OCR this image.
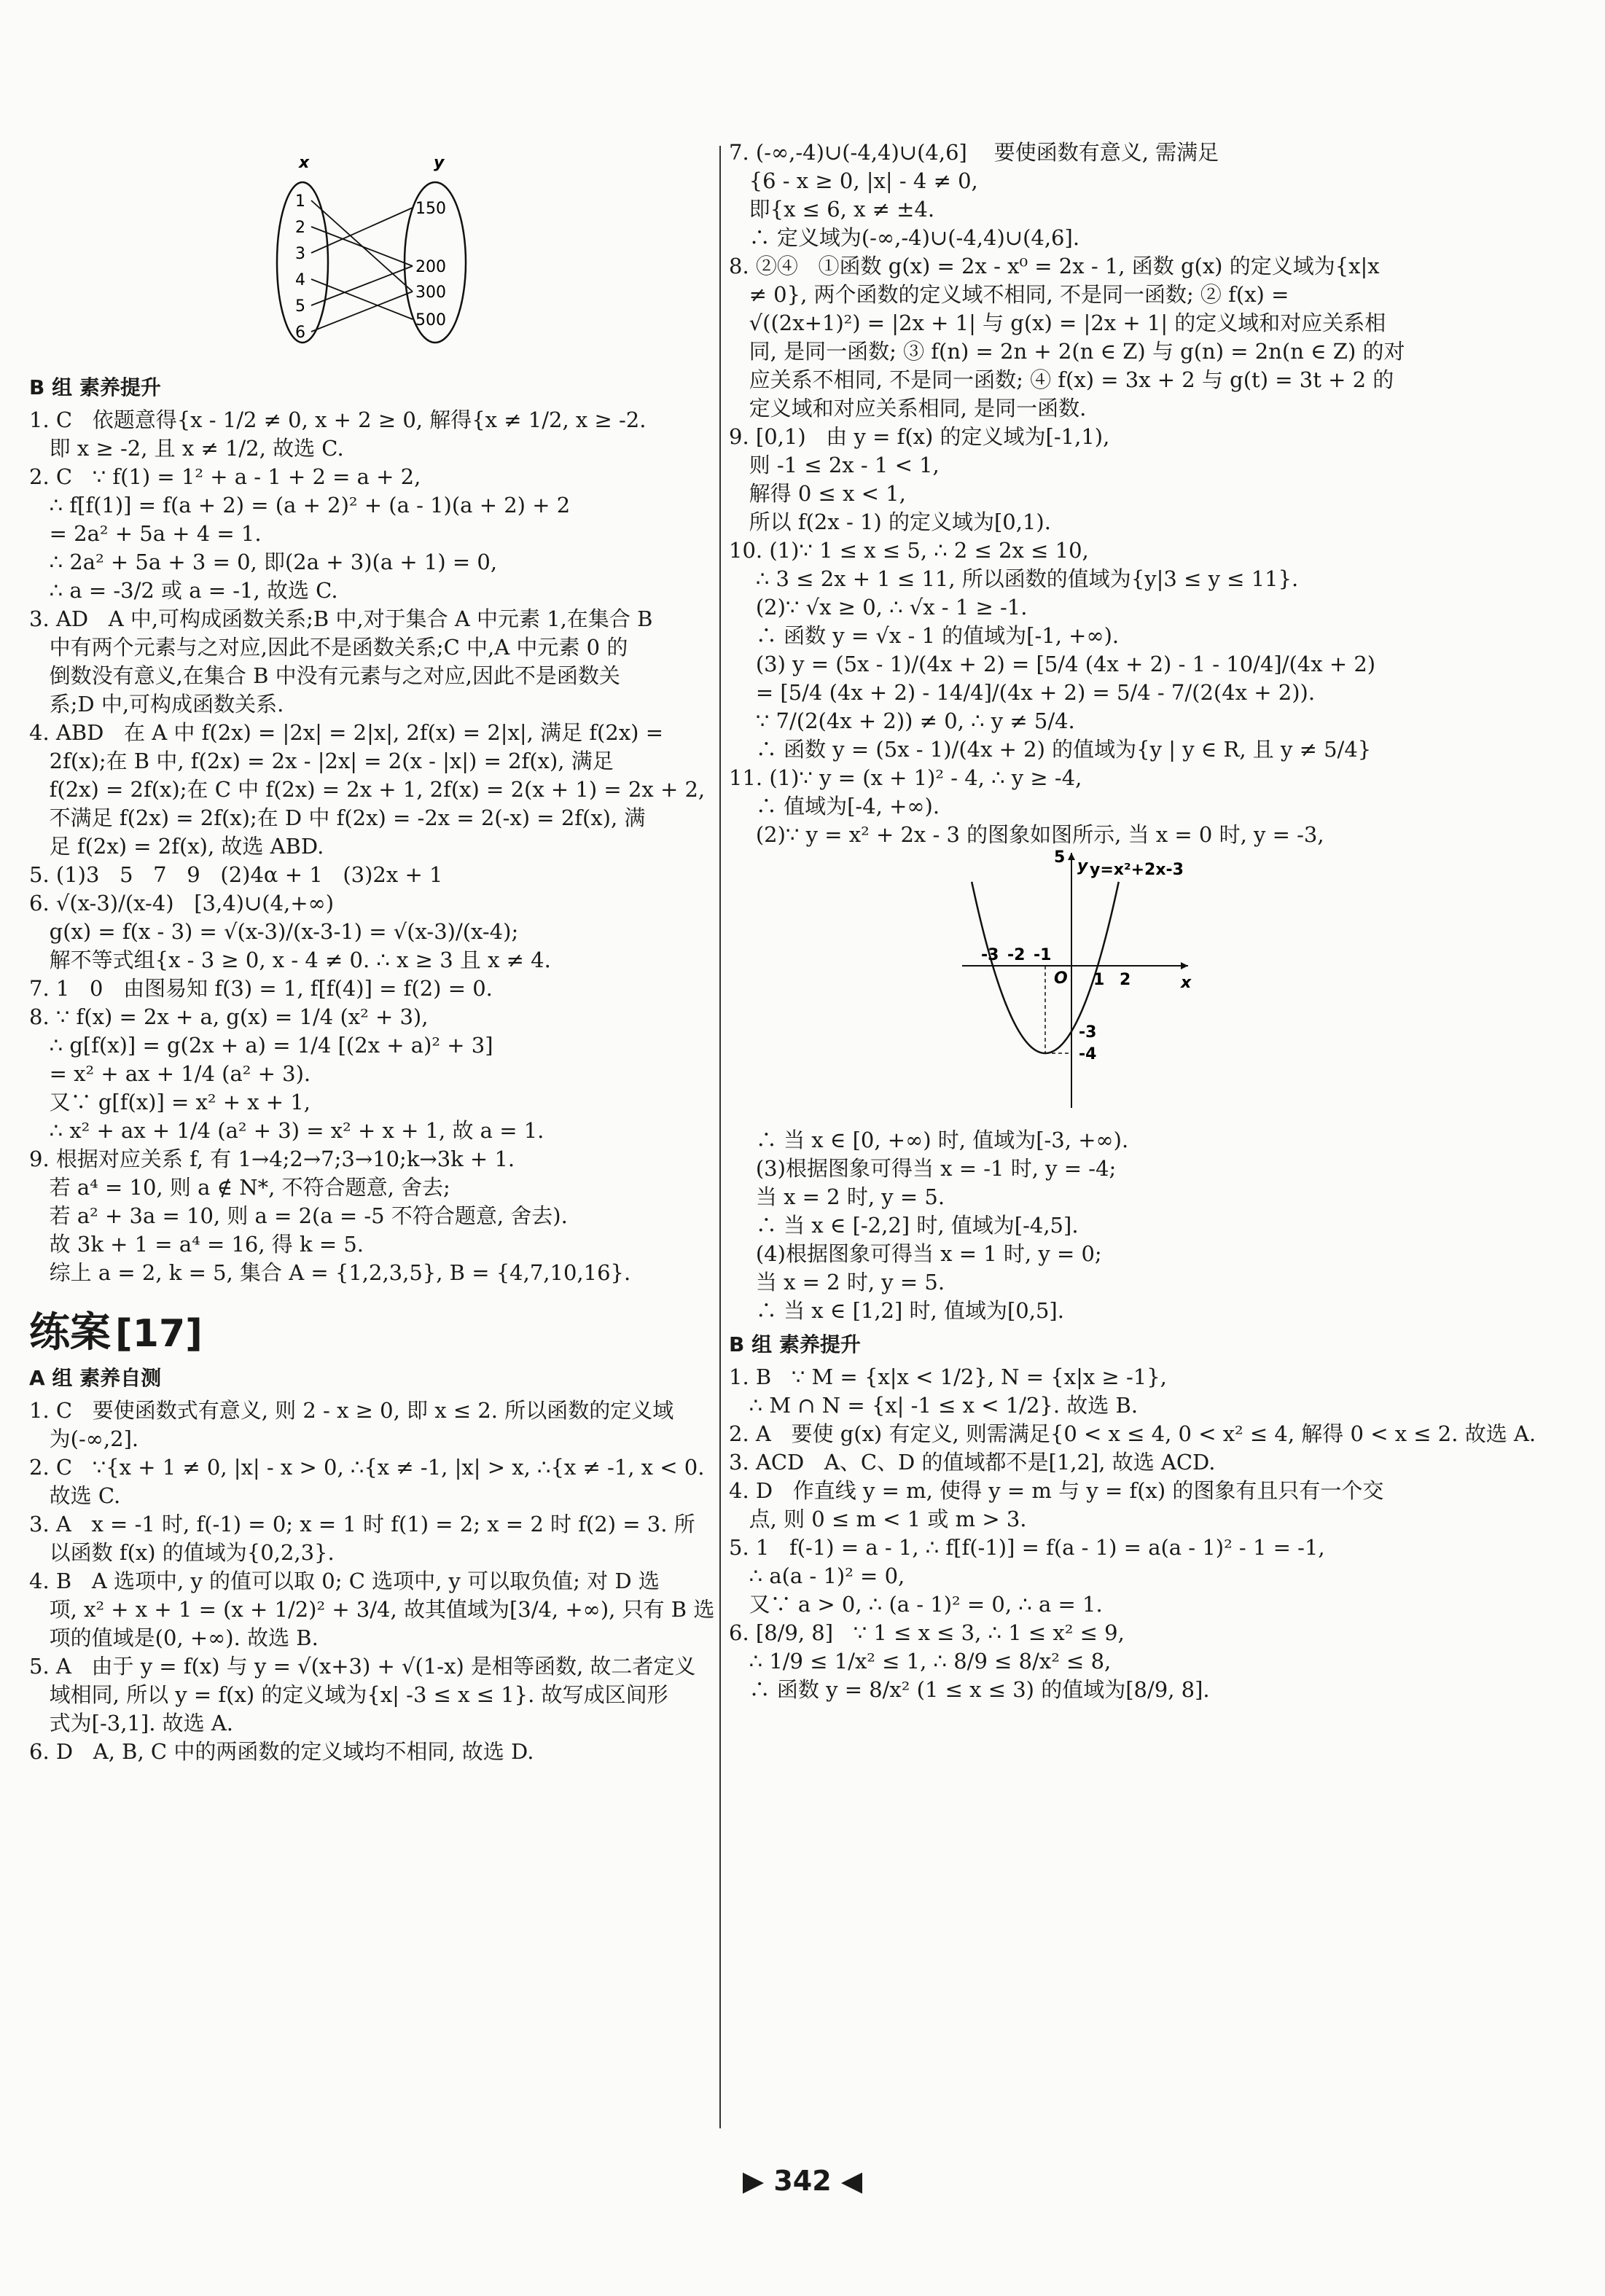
x	y
1
2
3
4
5
6
150
200
300
500
B 组 素养提升

1. C   依题意得{x - 1/2 ≠ 0, x + 2 ≥ 0, 解得{x ≠ 1/2, x ≥ -2.

即 x ≥ -2, 且 x ≠ 1/2, 故选 C.

2. C   ∵ f(1) = 1² + a - 1 + 2 = a + 2,

∴ f[f(1)] = f(a + 2) = (a + 2)² + (a - 1)(a + 2) + 2

= 2a² + 5a + 4 = 1.

∴ 2a² + 5a + 3 = 0, 即(2a + 3)(a + 1) = 0,

∴ a = -3/2 或 a = -1, 故选 C.

3. AD   A 中,可构成函数关系;B 中,对于集合 A 中元素 1,在集合 B

中有两个元素与之对应,因此不是函数关系;C 中,A 中元素 0 的

倒数没有意义,在集合 B 中没有元素与之对应,因此不是函数关

系;D 中,可构成函数关系.

4. ABD   在 A 中 f(2x) = |2x| = 2|x|, 2f(x) = 2|x|, 满足 f(2x) =

2f(x);在 B 中, f(2x) = 2x - |2x| = 2(x - |x|) = 2f(x), 满足

f(2x) = 2f(x);在 C 中 f(2x) = 2x + 1, 2f(x) = 2(x + 1) = 2x + 2,

不满足 f(2x) = 2f(x);在 D 中 f(2x) = -2x = 2(-x) = 2f(x), 满

足 f(2x) = 2f(x), 故选 ABD.

5. (1)3   5   7   9   (2)4α + 1   (3)2x + 1

6. √(x-3)/(x-4)   [3,4)∪(4,+∞)

g(x) = f(x - 3) = √(x-3)/(x-3-1) = √(x-3)/(x-4);

解不等式组{x - 3 ≥ 0, x - 4 ≠ 0. ∴ x ≥ 3 且 x ≠ 4.

7. 1   0   由图易知 f(3) = 1, f[f(4)] = f(2) = 0.

8. ∵ f(x) = 2x + a, g(x) = 1/4 (x² + 3),

∴ g[f(x)] = g(2x + a) = 1/4 [(2x + a)² + 3]

= x² + ax + 1/4 (a² + 3).

又∵ g[f(x)] = x² + x + 1,

∴ x² + ax + 1/4 (a² + 3) = x² + x + 1, 故 a = 1.

9. 根据对应关系 f, 有 1→4;2→7;3→10;k→3k + 1.

若 a⁴ = 10, 则 a ∉ N*, 不符合题意, 舍去;

若 a² + 3a = 10, 则 a = 2(a = -5 不符合题意, 舍去).

故 3k + 1 = a⁴ = 16, 得 k = 5.

综上 a = 2, k = 5, 集合 A = {1,2,3,5}, B = {4,7,10,16}.

练案 [17]
A 组 素养自测

1. C   要使函数式有意义, 则 2 - x ≥ 0, 即 x ≤ 2. 所以函数的定义域

为(-∞,2].

2. C   ∵{x + 1 ≠ 0, |x| - x > 0, ∴{x ≠ -1, |x| > x, ∴{x ≠ -1, x < 0.

故选 C.

3. A   x = -1 时, f(-1) = 0; x = 1 时 f(1) = 2; x = 2 时 f(2) = 3. 所

以函数 f(x) 的值域为{0,2,3}.

4. B   A 选项中, y 的值可以取 0; C 选项中, y 可以取负值; 对 D 选

项, x² + x + 1 = (x + 1/2)² + 3/4, 故其值域为[3/4, +∞), 只有 B 选

项的值域是(0, +∞). 故选 B.

5. A   由于 y = f(x) 与 y = √(x+3) + √(1-x) 是相等函数, 故二者定义

域相同, 所以 y = f(x) 的定义域为{x| -3 ≤ x ≤ 1}. 故写成区间形

式为[-3,1]. 故选 A.

6. D   A, B, C 中的两函数的定义域均不相同, 故选 D.

7. (-∞,-4)∪(-4,4)∪(4,6]    要使函数有意义, 需满足

{6 - x ≥ 0, |x| - 4 ≠ 0,

即{x ≤ 6, x ≠ ±4.

∴ 定义域为(-∞,-4)∪(-4,4)∪(4,6].

8. ②④   ①函数 g(x) = 2x - x⁰ = 2x - 1, 函数 g(x) 的定义域为{x|x

≠ 0}, 两个函数的定义域不相同, 不是同一函数; ② f(x) =

√((2x+1)²) = |2x + 1| 与 g(x) = |2x + 1| 的定义域和对应关系相

同, 是同一函数; ③ f(n) = 2n + 2(n ∈ Z) 与 g(n) = 2n(n ∈ Z) 的对

应关系不相同, 不是同一函数; ④ f(x) = 3x + 2 与 g(t) = 3t + 2 的

定义域和对应关系相同, 是同一函数.

9. [0,1)   由 y = f(x) 的定义域为[-1,1),

则 -1 ≤ 2x - 1 < 1,

解得 0 ≤ x < 1,

所以 f(2x - 1) 的定义域为[0,1).

10. (1)∵ 1 ≤ x ≤ 5, ∴ 2 ≤ 2x ≤ 10,

∴ 3 ≤ 2x + 1 ≤ 11, 所以函数的值域为{y|3 ≤ y ≤ 11}.

(2)∵ √x ≥ 0, ∴ √x - 1 ≥ -1.

∴ 函数 y = √x - 1 的值域为[-1, +∞).

(3) y = (5x - 1)/(4x + 2) = [5/4 (4x + 2) - 1 - 10/4]/(4x + 2)

= [5/4 (4x + 2) - 14/4]/(4x + 2) = 5/4 - 7/(2(4x + 2)).

∵ 7/(2(4x + 2)) ≠ 0, ∴ y ≠ 5/4.

∴ 函数 y = (5x - 1)/(4x + 2) 的值域为{y | y ∈ R, 且 y ≠ 5/4}

11. (1)∵ y = (x + 1)² - 4, ∴ y ≥ -4,

∴ 值域为[-4, +∞).

(2)∵ y = x² + 2x - 3 的图象如图所示, 当 x = 0 时, y = -3,

y
x
O
y=x²+2x-3
-3 -2 -1
1 2
5
-3
-4

∴ 当 x ∈ [0, +∞) 时, 值域为[-3, +∞).

(3)根据图象可得当 x = -1 时, y = -4;

当 x = 2 时, y = 5.

∴ 当 x ∈ [-2,2] 时, 值域为[-4,5].

(4)根据图象可得当 x = 1 时, y = 0;

当 x = 2 时, y = 5.

∴ 当 x ∈ [1,2] 时, 值域为[0,5].

B 组 素养提升

1. B   ∵ M = {x|x < 1/2}, N = {x|x ≥ -1},

∴ M ∩ N = {x| -1 ≤ x < 1/2}. 故选 B.

2. A   要使 g(x) 有定义, 则需满足{0 < x ≤ 4, 0 < x² ≤ 4, 解得 0 < x ≤ 2. 故选 A.

3. ACD   A、C、D 的值域都不是[1,2], 故选 ACD.

4. D   作直线 y = m, 使得 y = m 与 y = f(x) 的图象有且只有一个交

点, 则 0 ≤ m < 1 或 m > 3.

5. 1   f(-1) = a - 1, ∴ f[f(-1)] = f(a - 1) = a(a - 1)² - 1 = -1,

∴ a(a - 1)² = 0,

又∵ a > 0, ∴ (a - 1)² = 0, ∴ a = 1.

6. [8/9, 8]   ∵ 1 ≤ x ≤ 3, ∴ 1 ≤ x² ≤ 9,

∴ 1/9 ≤ 1/x² ≤ 1, ∴ 8/9 ≤ 8/x² ≤ 8,

∴ 函数 y = 8/x² (1 ≤ x ≤ 3) 的值域为[8/9, 8].

▶ 342 ◀
